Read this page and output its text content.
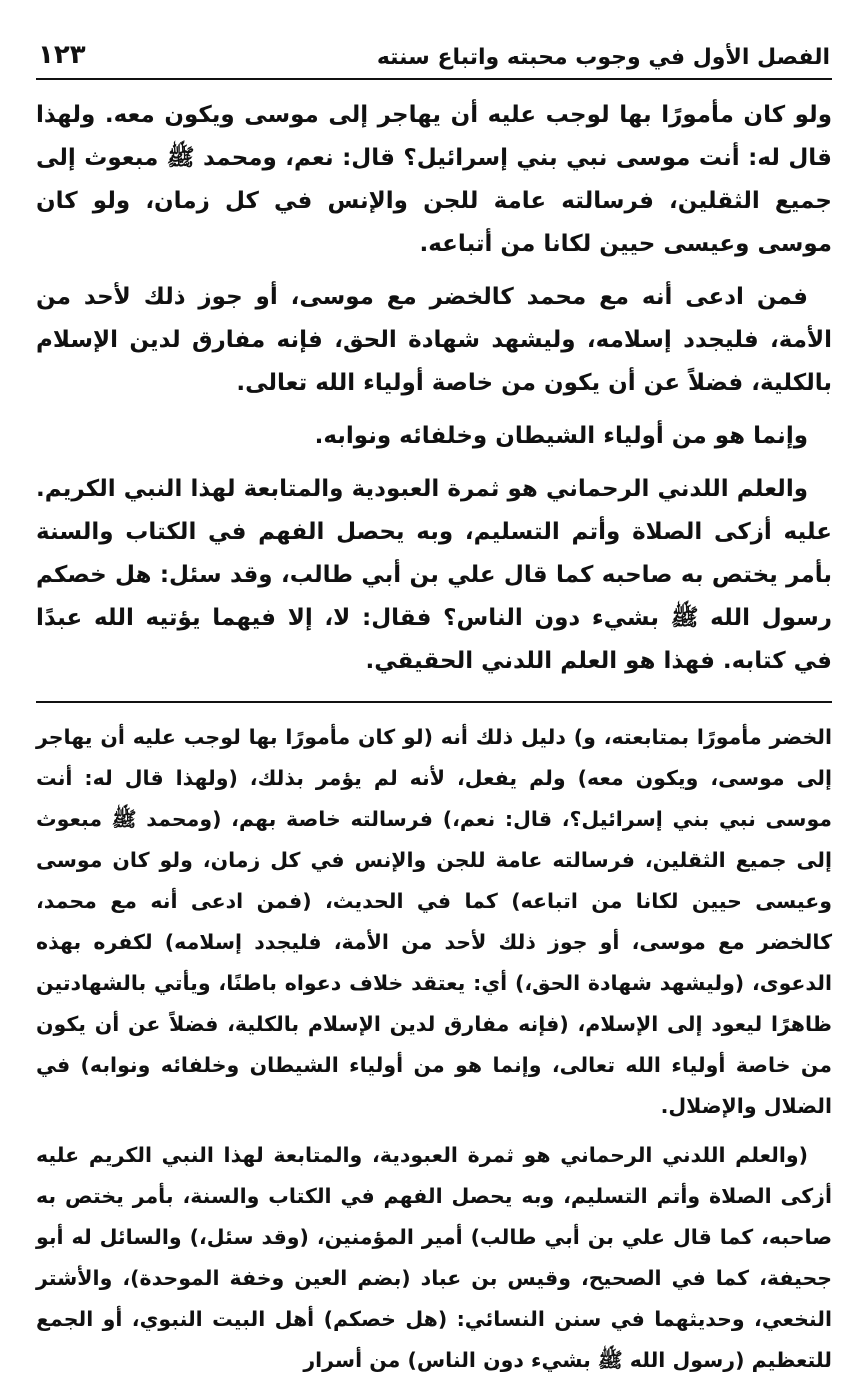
الفصل الأول في وجوب محبته واتباع سنته
١٢٣

ولو كان مأمورًا بها لوجب عليه أن يهاجر إلى موسى ويكون معه. ولهذا قال له: أنت موسى نبي بني إسرائيل؟ قال: نعم، ومحمد ﷺ مبعوث إلى جميع الثقلين، فرسالته عامة للجن والإنس في كل زمان، ولو كان موسى وعيسى حيين لكانا من أتباعه.

فمن ادعى أنه مع محمد كالخضر مع موسى، أو جوز ذلك لأحد من الأمة، فليجدد إسلامه، وليشهد شهادة الحق، فإنه مفارق لدين الإسلام بالكلية، فضلاً عن أن يكون من خاصة أولياء الله تعالى.

وإنما هو من أولياء الشيطان وخلفائه ونوابه.

والعلم اللدني الرحماني هو ثمرة العبودية والمتابعة لهذا النبي الكريم. عليه أزكى الصلاة وأتم التسليم، وبه يحصل الفهم في الكتاب والسنة بأمر يختص به صاحبه كما قال علي بن أبي طالب، وقد سئل: هل خصكم رسول الله ﷺ بشيء دون الناس؟ فقال: لا، إلا فيهما يؤتيه الله عبدًا في كتابه. فهذا هو العلم اللدني الحقيقي.

الخضر مأمورًا بمتابعته، و) دليل ذلك أنه (لو كان مأمورًا بها لوجب عليه أن يهاجر إلى موسى، ويكون معه) ولم يفعل، لأنه لم يؤمر بذلك، (ولهذا قال له: أنت موسى نبي بني إسرائيل؟، قال: نعم،) فرسالته خاصة بهم، (ومحمد ﷺ مبعوث إلى جميع الثقلين، فرسالته عامة للجن والإنس في كل زمان، ولو كان موسى وعيسى حيين لكانا من اتباعه) كما في الحديث، (فمن ادعى أنه مع محمد، كالخضر مع موسى، أو جوز ذلك لأحد من الأمة، فليجدد إسلامه) لكفره بهذه الدعوى، (وليشهد شهادة الحق،) أي: يعتقد خلاف دعواه باطنًا، ويأتي بالشهادتين ظاهرًا ليعود إلى الإسلام، (فإنه مفارق لدين الإسلام بالكلية، فضلاً عن أن يكون من خاصة أولياء الله تعالى، وإنما هو من أولياء الشيطان وخلفائه ونوابه) في الضلال والإضلال.

(والعلم اللدني الرحماني هو ثمرة العبودية، والمتابعة لهذا النبي الكريم عليه أزكى الصلاة وأتم التسليم، وبه يحصل الفهم في الكتاب والسنة، بأمر يختص به صاحبه، كما قال علي بن أبي طالب) أمير المؤمنين، (وقد سئل،) والسائل له أبو جحيفة، كما في الصحيح، وقيس بن عباد (بضم العين وخفة الموحدة)، والأشتر النخعي، وحديثهما في سنن النسائي: (هل خصكم) أهل البيت النبوي، أو الجمع للتعظيم (رسول الله ﷺ بشيء دون الناس) من أسرار
